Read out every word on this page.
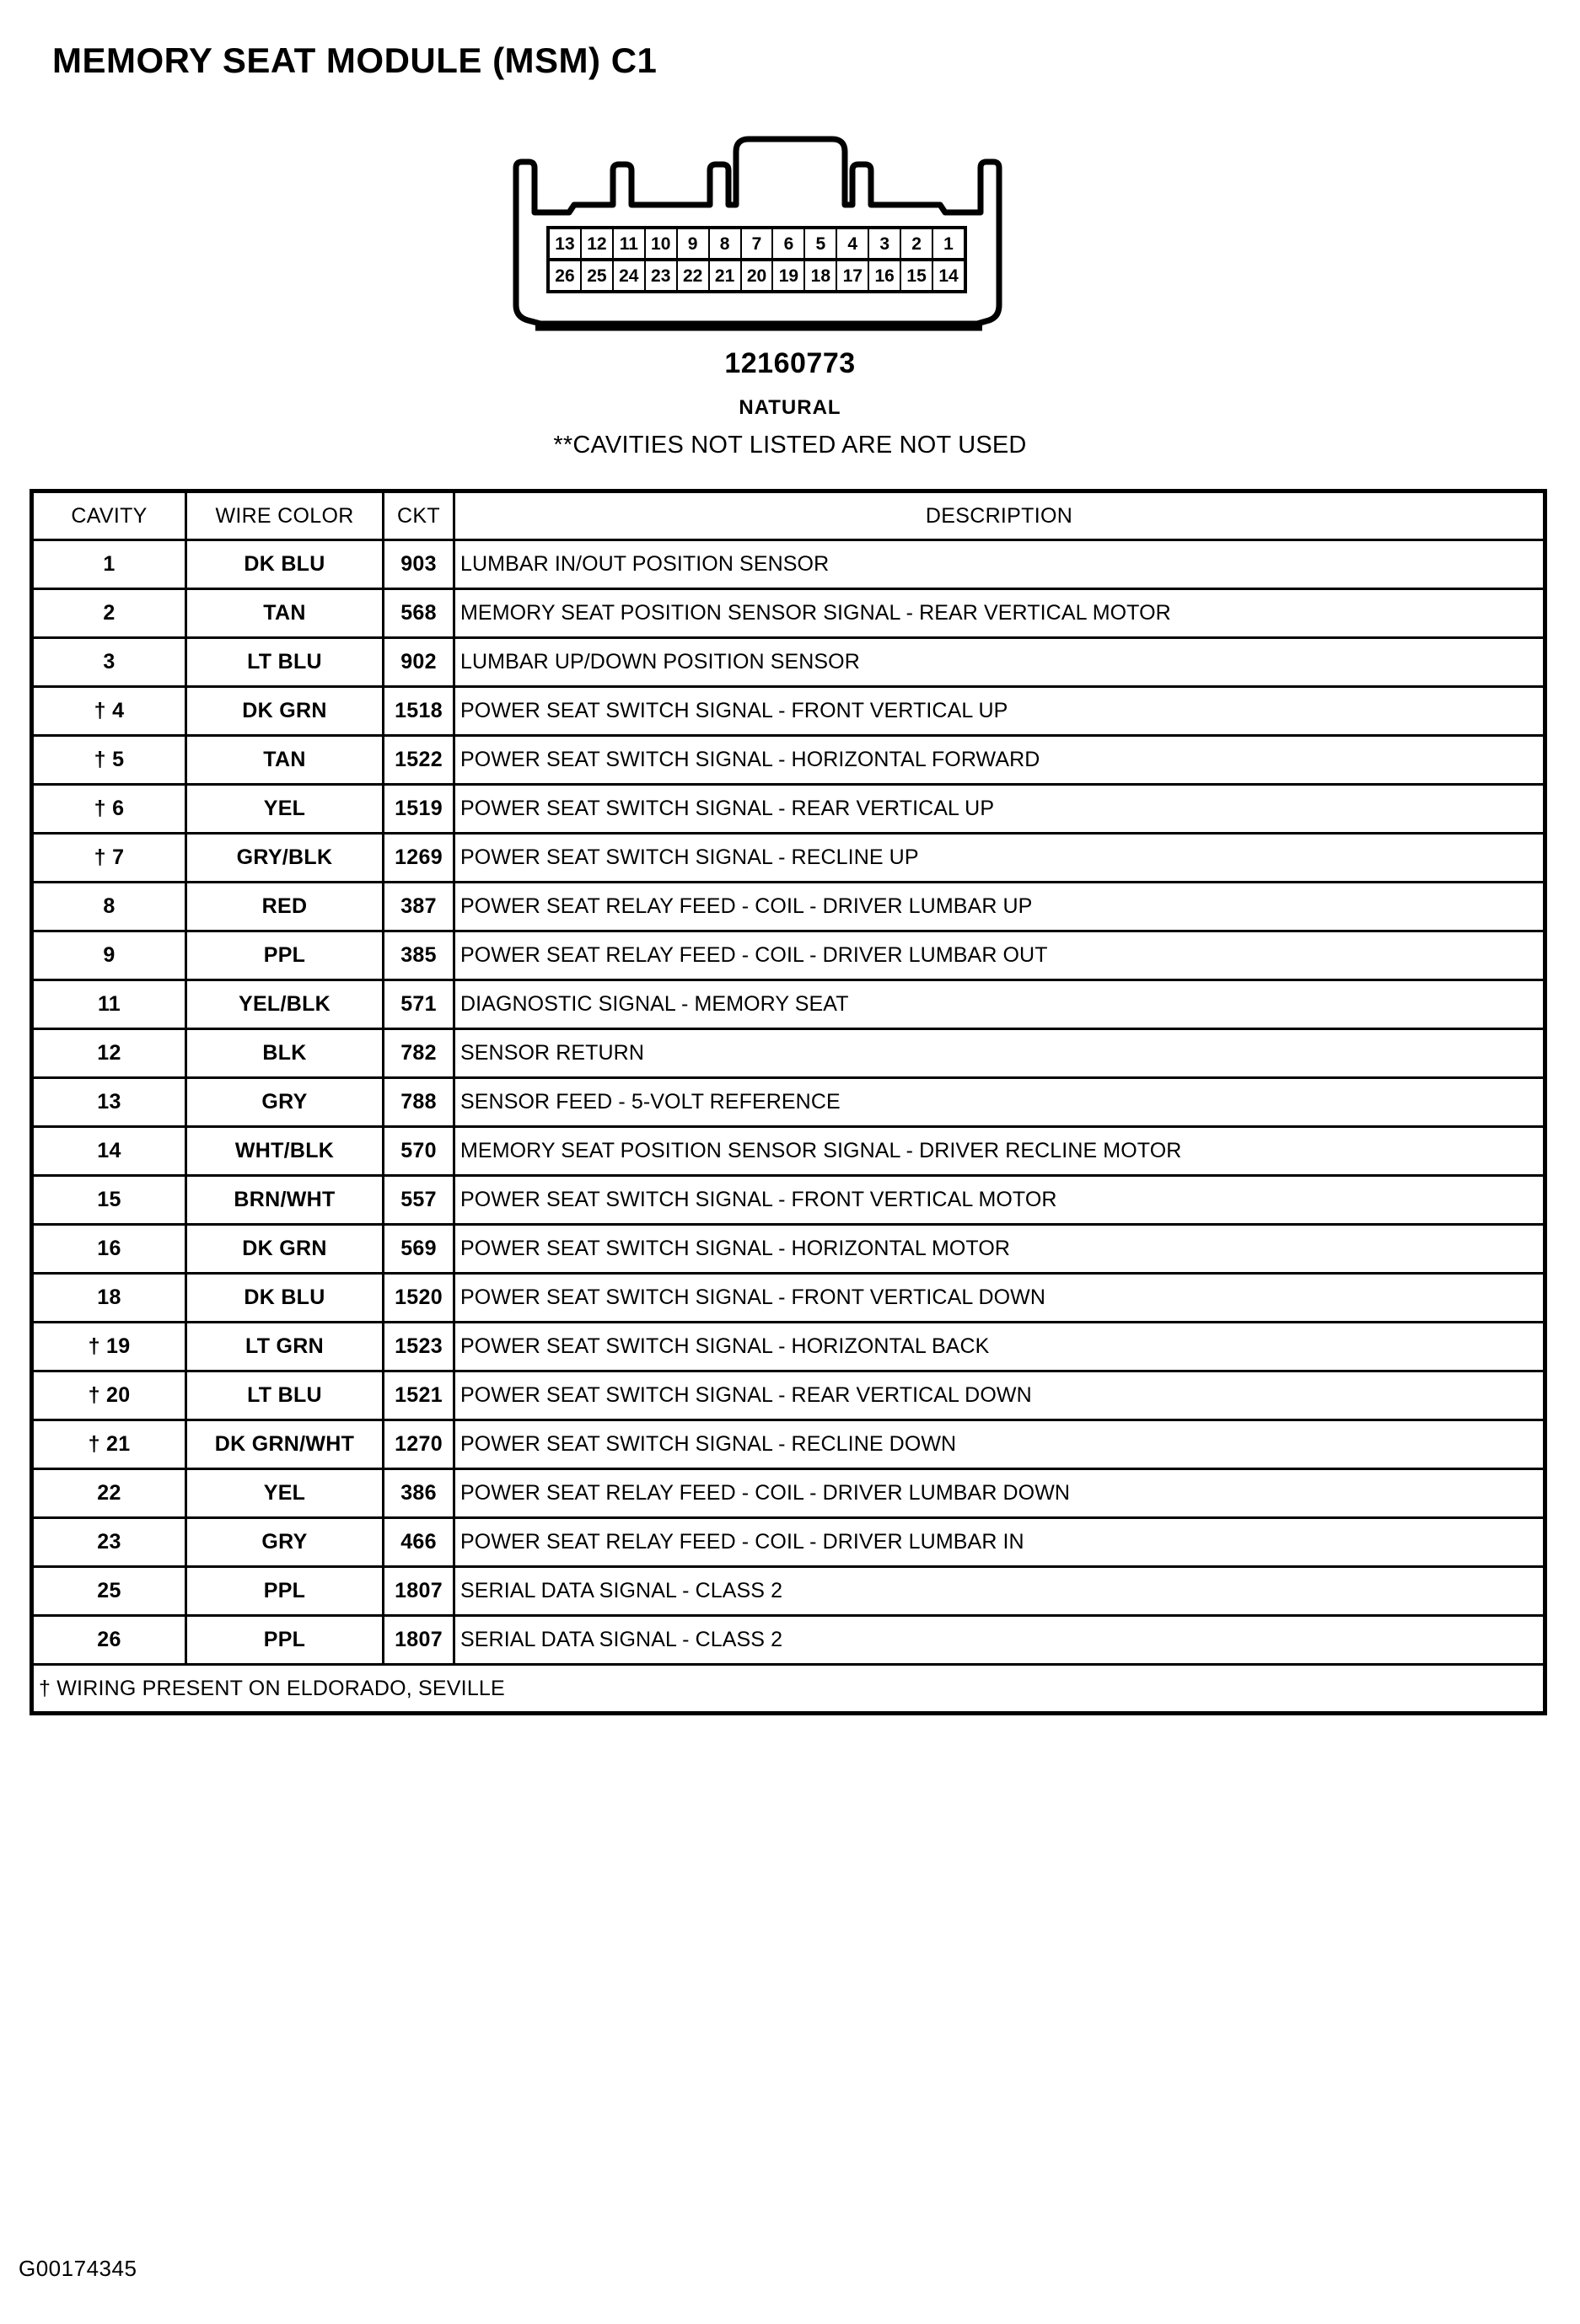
MEMORY SEAT MODULE (MSM) C1
13 12 11 10 9	8	7	6	5	4	3	2	1
26 25 24 23 22 21 20 19 18 17 16 15 14
12160773
NATURAL
**CAVITIES NOT LISTED ARE NOT USED
CAVITY	WIRE COLOR	CKT	DESCRIPTION
1	DK BLU	903	LUMBAR IN/OUT POSITION SENSOR
2	TAN	568	MEMORY SEAT POSITION SENSOR SIGNAL - REAR VERTICAL MOTOR
3	LT BLU	902	LUMBAR UP/DOWN POSITION SENSOR
† 4	DK GRN	1518	POWER SEAT SWITCH SIGNAL - FRONT VERTICAL UP
† 5	TAN	1522	POWER SEAT SWITCH SIGNAL - HORIZONTAL FORWARD
† 6	YEL	1519	POWER SEAT SWITCH SIGNAL - REAR VERTICAL UP
† 7	GRY/BLK	1269	POWER SEAT SWITCH SIGNAL - RECLINE UP
8	RED	387	POWER SEAT RELAY FEED - COIL - DRIVER LUMBAR UP
9	PPL	385	POWER SEAT RELAY FEED - COIL - DRIVER LUMBAR OUT
11	YEL/BLK	571	DIAGNOSTIC SIGNAL - MEMORY SEAT
12	BLK	782	SENSOR RETURN
13	GRY	788	SENSOR FEED - 5-VOLT REFERENCE
14	WHT/BLK	570	MEMORY SEAT POSITION SENSOR SIGNAL - DRIVER RECLINE MOTOR
15	BRN/WHT	557	POWER SEAT SWITCH SIGNAL - FRONT VERTICAL MOTOR
16	DK GRN	569	POWER SEAT SWITCH SIGNAL - HORIZONTAL MOTOR
18	DK BLU	1520	POWER SEAT SWITCH SIGNAL - FRONT VERTICAL DOWN
† 19	LT GRN	1523	POWER SEAT SWITCH SIGNAL - HORIZONTAL BACK
† 20	LT BLU	1521	POWER SEAT SWITCH SIGNAL - REAR VERTICAL DOWN
† 21	DK GRN/WHT	1270	POWER SEAT SWITCH SIGNAL - RECLINE DOWN
22	YEL	386	POWER SEAT RELAY FEED - COIL - DRIVER LUMBAR DOWN
23	GRY	466	POWER SEAT RELAY FEED - COIL - DRIVER LUMBAR IN
25	PPL	1807	SERIAL DATA SIGNAL - CLASS 2
26	PPL	1807	SERIAL DATA SIGNAL - CLASS 2
† WIRING PRESENT ON ELDORADO, SEVILLE			
G00174345
